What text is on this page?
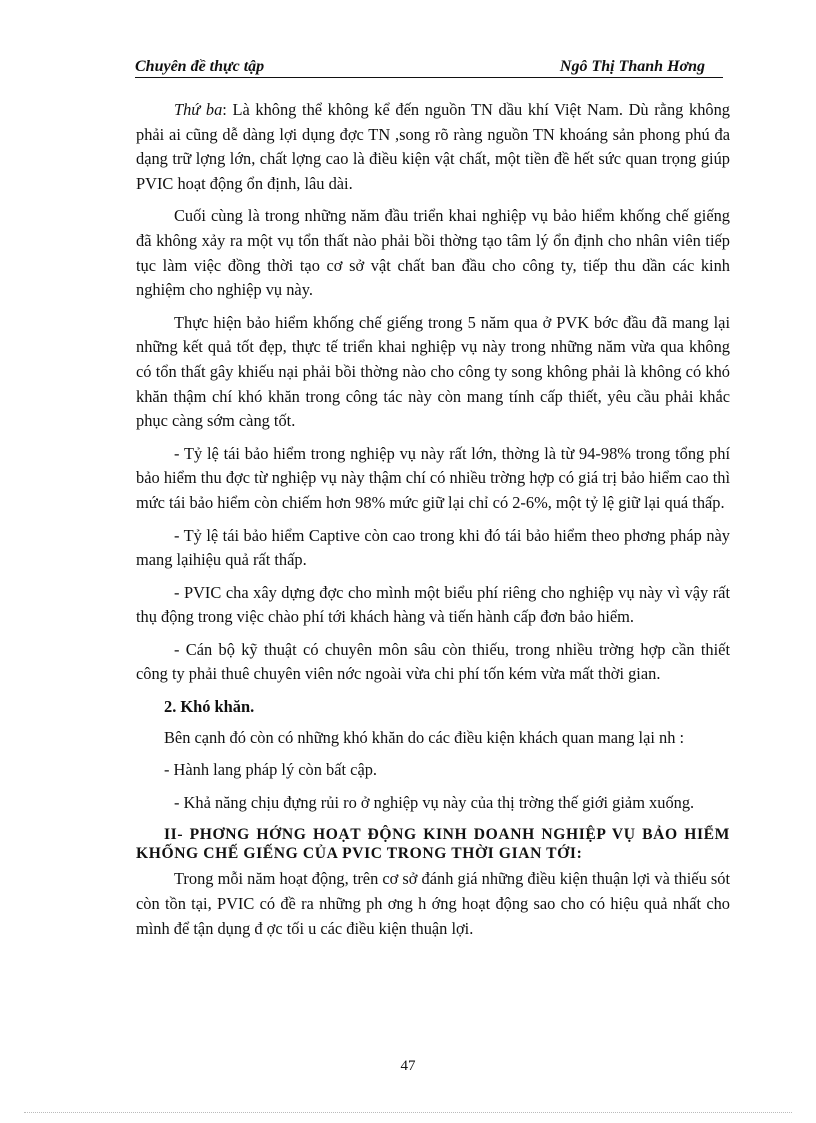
Chuyên đề thực tập	Ngô Thị Thanh Hơng

Thứ ba: Là không thể không kể đến nguồn TN dầu khí Việt Nam. Dù rằng không phải ai cũng dễ dàng lợi dụng đợc TN ,song rõ ràng nguồn TN khoáng sản phong phú đa dạng trữ lợng lớn, chất lợng cao là điều kiện vật chất, một tiền đề hết sức quan trọng giúp PVIC hoạt động ổn định, lâu dài.

Cuối cùng là trong những năm đầu triển khai nghiệp vụ bảo hiểm khống chế giếng đã không xảy ra một vụ tổn thất nào phải bồi thờng tạo tâm lý ổn định cho nhân viên tiếp tục làm việc đồng thời tạo cơ sở vật chất ban đầu cho công ty, tiếp thu dần các kinh nghiệm cho nghiệp vụ này.

Thực hiện bảo hiểm khống chế giếng trong 5 năm qua ở PVK bớc đầu đã mang lại những kết quả tốt đẹp, thực tế triển khai nghiệp vụ này trong những năm vừa qua không có tổn thất gây khiếu nại phải bồi thờng nào cho công ty song không phải là không có khó khăn thậm chí khó khăn trong công tác này còn mang tính cấp thiết, yêu cầu phải khắc phục càng sớm càng tốt.

- Tỷ lệ tái bảo hiểm trong nghiệp vụ này rất lớn, thờng là từ 94-98% trong tổng phí bảo hiểm thu đợc từ nghiệp vụ này thậm chí có nhiều trờng hợp có giá trị bảo hiểm cao thì mức tái bảo hiểm còn chiếm hơn 98% mức giữ lại chỉ có 2-6%, một tỷ lệ giữ lại quá thấp.

- Tỷ lệ tái bảo hiểm Captive còn cao trong khi đó tái bảo hiểm theo phơng pháp này mang lạihiệu quả rất thấp.

- PVIC cha xây dựng đợc cho mình một biểu phí riêng cho nghiệp vụ này vì vậy rất thụ động trong việc chào phí tới khách hàng và tiến hành cấp đơn bảo hiểm.

- Cán bộ kỹ thuật có chuyên môn sâu còn thiếu, trong nhiều trờng hợp cần thiết công ty phải thuê chuyên viên nớc ngoài vừa chi phí tốn kém vừa mất thời gian.

2. Khó khăn.

Bên cạnh đó còn có những khó khăn do các điều kiện khách quan mang lại nh :

- Hành lang pháp lý còn bất cập.

- Khả năng chịu đựng rủi ro ở nghiệp vụ này của thị trờng thế giới giảm xuống.

II- PHƠNG HỚNG HOẠT ĐỘNG KINH DOANH NGHIỆP VỤ BẢO HIỂM KHỐNG CHẾ GIẾNG CỦA PVIC TRONG THỜI GIAN TỚI:

Trong mỗi năm hoạt động, trên cơ sở đánh giá những điều kiện thuận lợi và thiếu sót còn tồn tại, PVIC có đề ra những ph ơng h ớng hoạt động sao cho có hiệu quả nhất cho mình để tận dụng đ ợc tối u các điều kiện thuận lợi.

47
